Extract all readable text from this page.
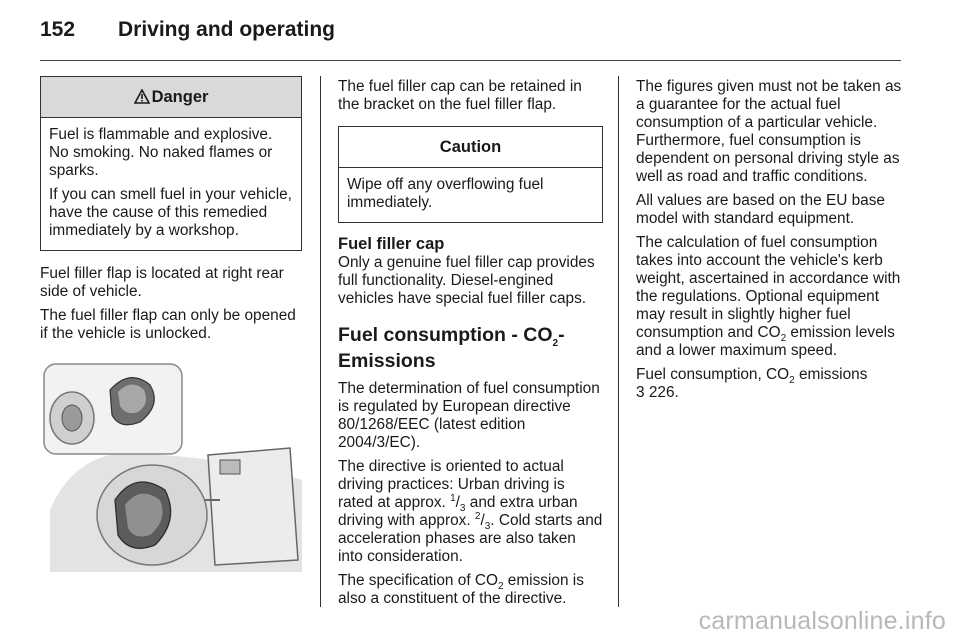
152 Driving and operating
Danger

Fuel is flammable and explosive. No smoking. No naked flames or sparks.

If you can smell fuel in your vehicle, have the cause of this remedied immediately by a workshop.

Fuel filler flap is located at right rear side of vehicle.

The fuel filler flap can only be opened if the vehicle is unlocked.

The fuel filler cap can be retained in the bracket on the fuel filler flap.

Caution

Wipe off any overflowing fuel immediately.

Fuel filler cap

Only a genuine fuel filler cap provides full functionality. Diesel-engined vehicles have special fuel filler caps.

Fuel consumption - $CO_2-$
Emissions

The determination of fuel consumption is regulated by European directive 80/1268/EEC (latest edition 2004/3/EC).

The directive is oriented to actual driving practices: Urban driving is rated at approx. $^1/_3$ and extra urban driving with approx. $^2/_3$. Cold starts and acceleration phases are also taken into consideration.

The specification of $CO_2$ emission is also a constituent of the directive.

The figures given must not be taken as a guarantee for the actual fuel consumption of a particular vehicle. Furthermore, fuel consumption is dependent on personal driving style as well as road and traffic conditions.

All values are based on the EU base model with standard equipment.

The calculation of fuel consumption takes into account the vehicle's kerb weight, ascertained in accordance with the regulations. Optional equipment may result in slightly higher fuel consumption and $CO_2$ emission levels and a lower maximum speed.

Fuel consumption, $CO_2$ emissions
3 226.

carmanualsonline.info
